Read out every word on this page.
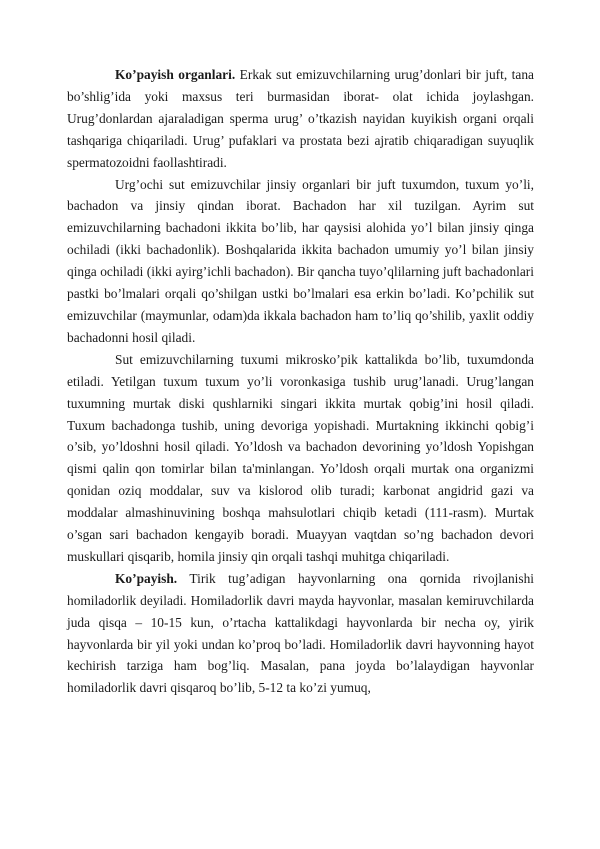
Ko’payish organlari. Erkak sut emizuvchilarning urug’donlari bir juft, tana bo’shlig’ida yoki maxsus teri burmasidan iborat- olat ichida joylashgan. Urug’donlardan ajaraladigan sperma urug’ o’tkazish nayidan kuyikish organi orqali tashqariga chiqariladi. Urug’ pufaklari va prostata bezi ajratib chiqaradigan suyuqlik spermatozoidni faollashtiradi.

Urg’ochi sut emizuvchilar jinsiy organlari bir juft tuxumdon, tuxum yo’li, bachadon va jinsiy qindan iborat. Bachadon har xil tuzilgan. Ayrim sut emizuvchilarning bachadoni ikkita bo’lib, har qaysisi alohida yo’l bilan jinsiy qinga ochiladi (ikki bachadonlik). Boshqalarida ikkita bachadon umumiy yo’l bilan jinsiy qinga ochiladi (ikki ayirg’ichli bachadon). Bir qancha tuyo’qlilarning juft bachadonlari pastki bo’lmalari orqali qo’shilgan ustki bo’lmalari esa erkin bo’ladi. Ko’pchilik sut emizuvchilar (maymunlar, odam)da ikkala bachadon ham to’liq qo’shilib, yaxlit oddiy bachadonni hosil qiladi.

Sut emizuvchilarning tuxumi mikrosko’pik kattalikda bo’lib, tuxumdonda etiladi. Yetilgan tuxum tuxum yo’li voronkasiga tushib urug’lanadi. Urug’langan tuxumning murtak diski qushlarniki singari ikkita murtak qobig’ini hosil qiladi. Tuxum bachadonga tushib, uning devoriga yopishadi. Murtakning ikkinchi qobig’i o’sib, yo’ldoshni hosil qiladi. Yo’ldosh va bachadon devorining yo’ldosh Yopishgan qismi qalin qon tomirlar bilan ta'minlangan. Yo’ldosh orqali murtak ona organizmi qonidan oziq moddalar, suv va kislorod olib turadi; karbonat angidrid gazi va moddalar almashinuvining boshqa mahsulotlari chiqib ketadi (111-rasm). Murtak o’sgan sari bachadon kengayib boradi. Muayyan vaqtdan so’ng bachadon devori muskullari qisqarib, homila jinsiy qin orqali tashqi muhitga chiqariladi.

Ko’payish. Tirik tug’adigan hayvonlarning ona qornida rivojlanishi homiladorlik deyiladi. Homiladorlik davri mayda hayvonlar, masalan kemiruvchilarda juda qisqa – 10-15 kun, o’rtacha kattalikdagi hayvonlarda bir necha oy, yirik hayvonlarda bir yil yoki undan ko’proq bo’ladi. Homiladorlik davri hayvonning hayot kechirish tarziga ham bog’liq. Masalan, pana joyda bo’lalaydigan hayvonlar homiladorlik davri qisqaroq bo’lib, 5-12 ta ko’zi yumuq,
